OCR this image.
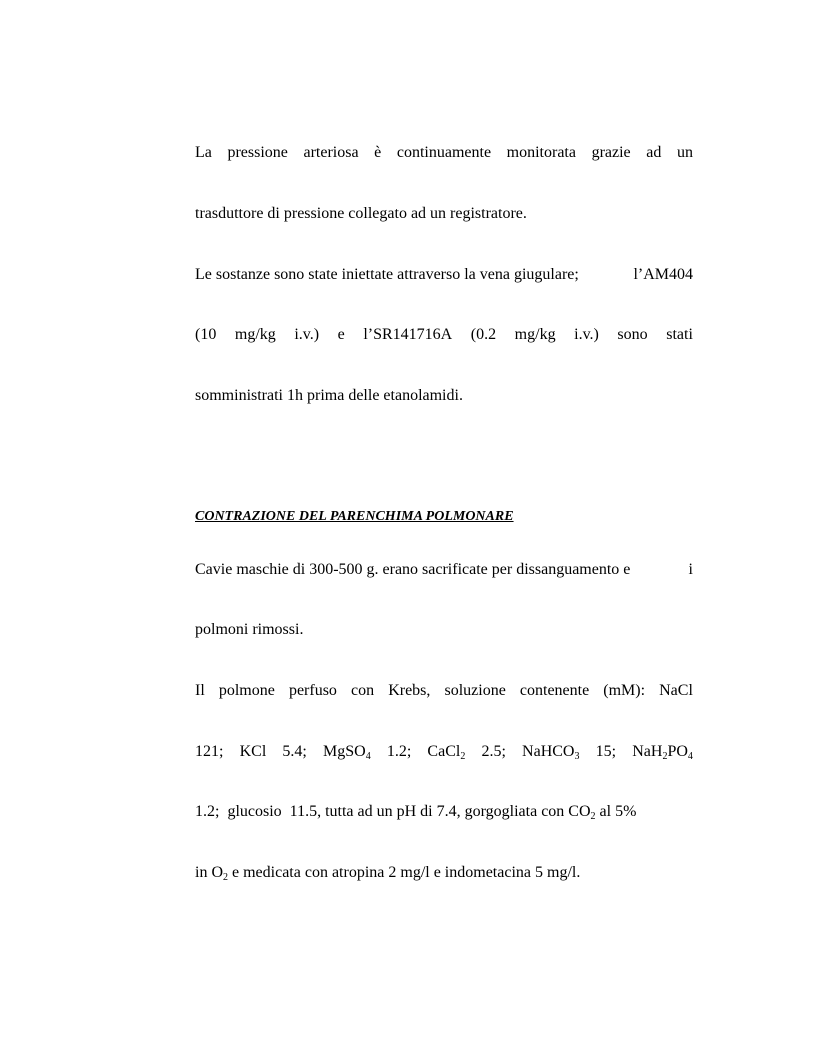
La pressione arteriosa è continuamente monitorata grazie ad un
trasduttore di pressione collegato ad un registratore.
Le sostanze sono state iniettate attraverso la vena giugulare;	l’AM404
(10 mg/kg i.v.) e l’SR141716A (0.2 mg/kg i.v.) sono stati
somministrati 1h prima delle etanolamidi.
CONTRAZIONE DEL PARENCHIMA POLMONARE
Cavie maschie di 300-500 g. erano sacrificate per dissanguamento e	i
polmoni rimossi.
Il polmone perfuso con Krebs, soluzione contenente (mM): NaCl
121; KCl 5.4; MgSO$_4$ 1.2; CaCl$_2$ 2.5; NaHCO$_3$ 15; $NaH_2PO_4$
1.2; glucosio 11.5, tutta ad un pH di 7.4, gorgogliata con $CO_2$ al 5%
in $O_2$ e medicata con atropina 2 mg/l e indometacina 5 mg/l.
